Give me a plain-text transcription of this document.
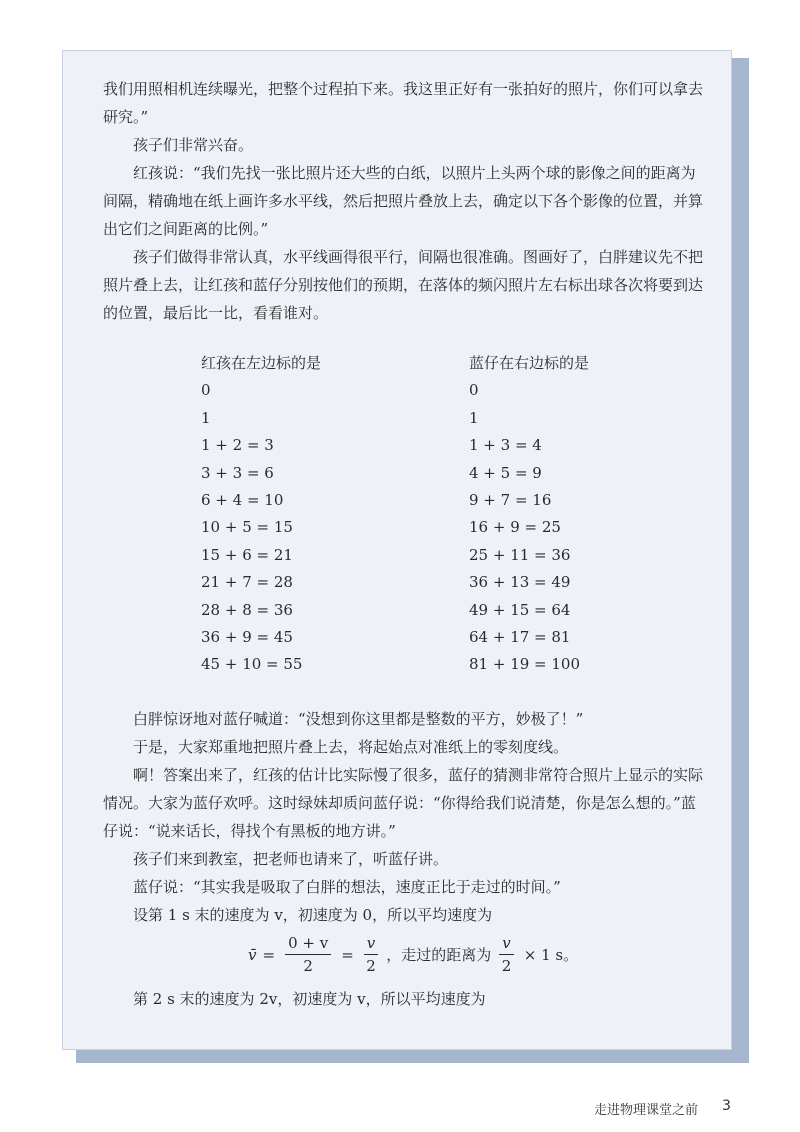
我们用照相机连续曝光，把整个过程拍下来。我这里正好有一张拍好的照片，你们可以拿去研究。”

孩子们非常兴奋。

红孩说：“我们先找一张比照片还大些的白纸，以照片上头两个球的影像之间的距离为间隔，精确地在纸上画许多水平线，然后把照片叠放上去，确定以下各个影像的位置，并算出它们之间距离的比例。”

孩子们做得非常认真，水平线画得很平行，间隔也很准确。图画好了，白胖建议先不把照片叠上去，让红孩和蓝仔分别按他们的预期，在落体的频闪照片左右标出球各次将要到达的位置，最后比一比，看看谁对。

红孩在左边标的是
0
1
1 + 2 = 3
3 + 3 = 6
6 + 4 = 10
10 + 5 = 15
15 + 6 = 21
21 + 7 = 28
28 + 8 = 36
36 + 9 = 45
45 + 10 = 55
蓝仔在右边标的是
0
1
1 + 3 = 4
4 + 5 = 9
9 + 7 = 16
16 + 9 = 25
25 + 11 = 36
36 + 13 = 49
49 + 15 = 64
64 + 17 = 81
81 + 19 = 100

白胖惊讶地对蓝仔喊道：“没想到你这里都是整数的平方，妙极了！”

于是，大家郑重地把照片叠上去，将起始点对准纸上的零刻度线。

啊！答案出来了，红孩的估计比实际慢了很多，蓝仔的猜测非常符合照片上显示的实际情况。大家为蓝仔欢呼。这时绿妹却质问蓝仔说：“你得给我们说清楚，你是怎么想的。”蓝仔说：“说来话长，得找个有黑板的地方讲。”

孩子们来到教室，把老师也请来了，听蓝仔讲。

蓝仔说：“其实我是吸取了白胖的想法，速度正比于走过的时间。”

设第 1 s 末的速度为 v，初速度为 0，所以平均速度为

v̄ = $\frac{0 + v}{2} = \frac{v}{2}$ ，走过的距离为 $\frac{v}{2} \times 1$ s。

第 2 s 末的速度为 2v，初速度为 v，所以平均速度为

走进物理课堂之前 3
